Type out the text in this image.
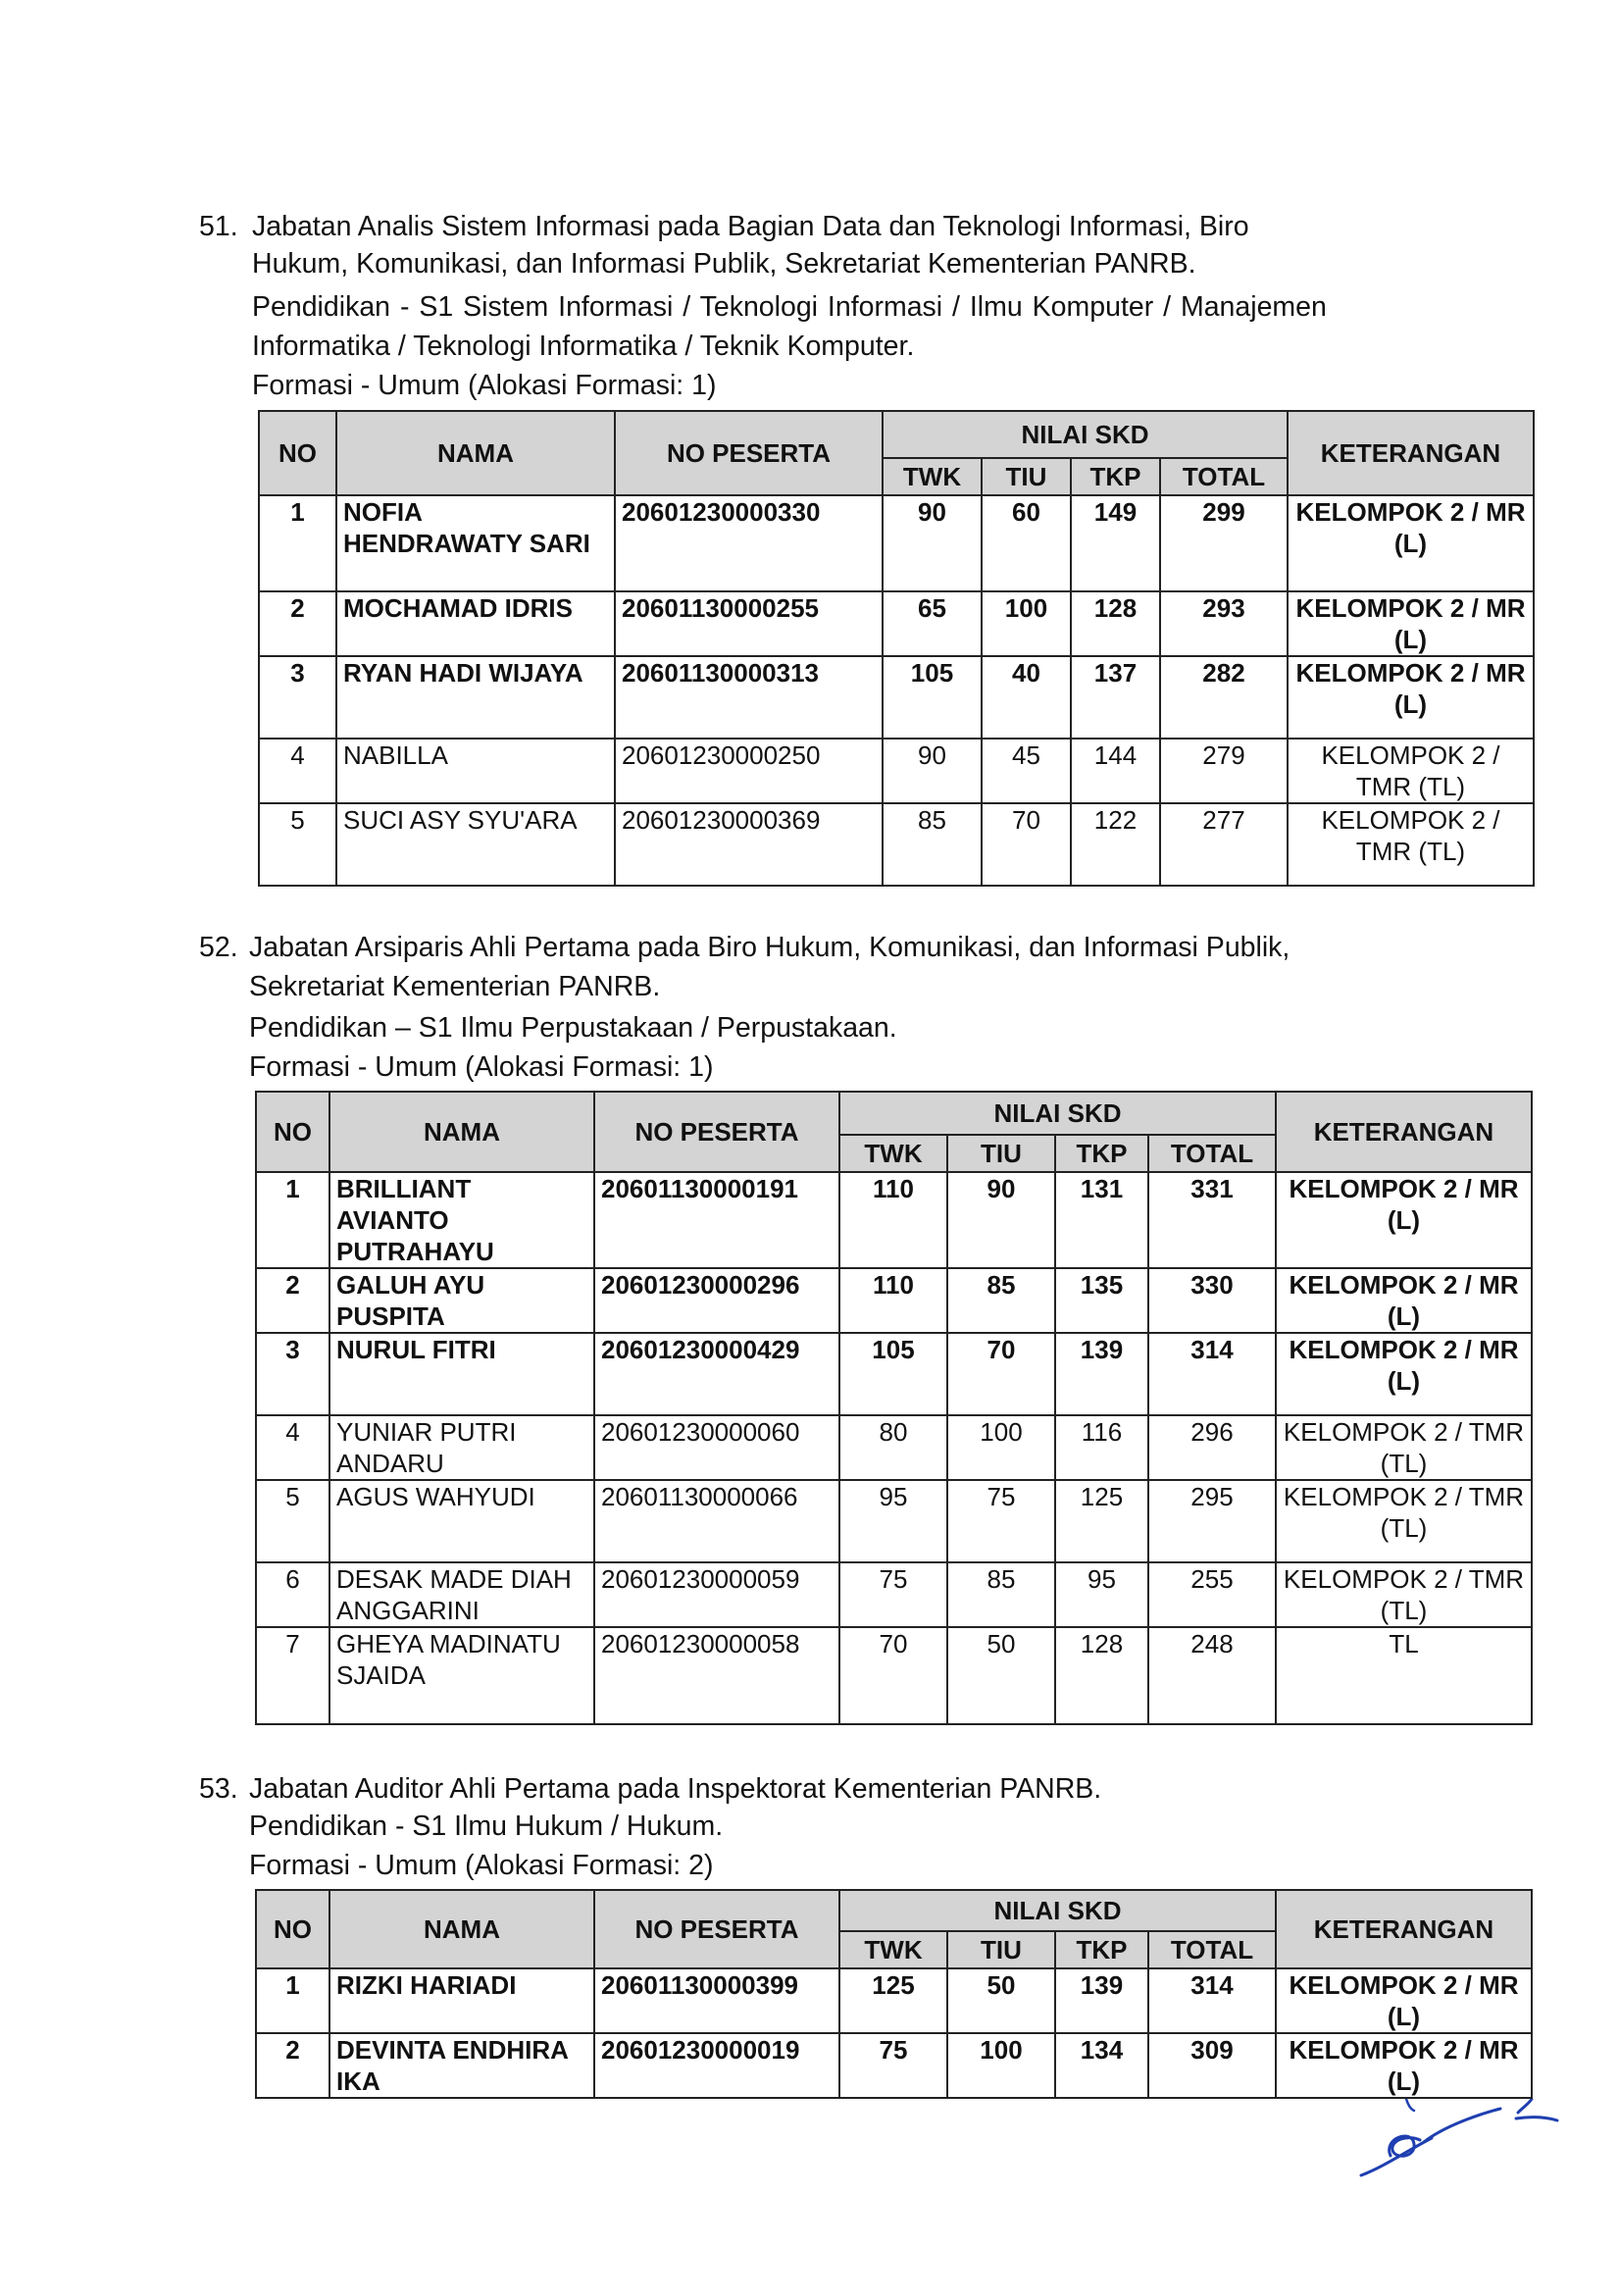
51. Jabatan Analis Sistem Informasi pada Bagian Data dan Teknologi Informasi, Biro
Hukum, Komunikasi, dan Informasi Publik, Sekretariat Kementerian PANRB.
Pendidikan - S1 Sistem Informasi / Teknologi Informasi / Ilmu Komputer / Manajemen
Informatika / Teknologi Informatika / Teknik Komputer.
Formasi - Umum (Alokasi Formasi: 1)
NO	NAMA	NO PESERTA	NILAI SKD				KETERANGAN
			TWK	TIU	TKP	TOTAL	
1	NOFIA HENDRAWATY SARI	20601230000330	90	60	149	299	KELOMPOK 2 / MR (L)
2	MOCHAMAD IDRIS	20601130000255	65	100	128	293	KELOMPOK 2 / MR (L)
3	RYAN HADI WIJAYA	20601130000313	105	40	137	282	KELOMPOK 2 / MR (L)
4	NABILLA	20601230000250	90	45	144	279	KELOMPOK 2 / TMR (TL)
5	SUCI ASY SYU'ARA	20601230000369	85	70	122	277	KELOMPOK 2 / TMR (TL)
52. Jabatan Arsiparis Ahli Pertama pada Biro Hukum, Komunikasi, dan Informasi Publik,
Sekretariat Kementerian PANRB.
Pendidikan – S1 Ilmu Perpustakaan / Perpustakaan.
Formasi - Umum (Alokasi Formasi: 1)
NO	NAMA	NO PESERTA	NILAI SKD				KETERANGAN
			TWK	TIU	TKP	TOTAL	
1	BRILLIANT AVIANTO PUTRAHAYU	20601130000191	110	90	131	331	KELOMPOK 2 / MR (L)
2	GALUH AYU PUSPITA	20601230000296	110	85	135	330	KELOMPOK 2 / MR (L)
3	NURUL FITRI	20601230000429	105	70	139	314	KELOMPOK 2 / MR (L)
4	YUNIAR PUTRI ANDARU	20601230000060	80	100	116	296	KELOMPOK 2 / TMR (TL)
5	AGUS WAHYUDI	20601130000066	95	75	125	295	KELOMPOK 2 / TMR (TL)
6	DESAK MADE DIAH ANGGARINI	20601230000059	75	85	95	255	KELOMPOK 2 / TMR (TL)
7	GHEYA MADINATU SJAIDA	20601230000058	70	50	128	248	TL
53. Jabatan Auditor Ahli Pertama pada Inspektorat Kementerian PANRB.
Pendidikan - S1 Ilmu Hukum / Hukum.
Formasi - Umum (Alokasi Formasi: 2)
NO	NAMA	NO PESERTA	NILAI SKD				KETERANGAN
			TWK	TIU	TKP	TOTAL	
1	RIZKI HARIADI	20601130000399	125	50	139	314	KELOMPOK 2 / MR (L)
2	DEVINTA ENDHIRA IKA	20601230000019	75	100	134	309	KELOMPOK 2 / MR (L)
